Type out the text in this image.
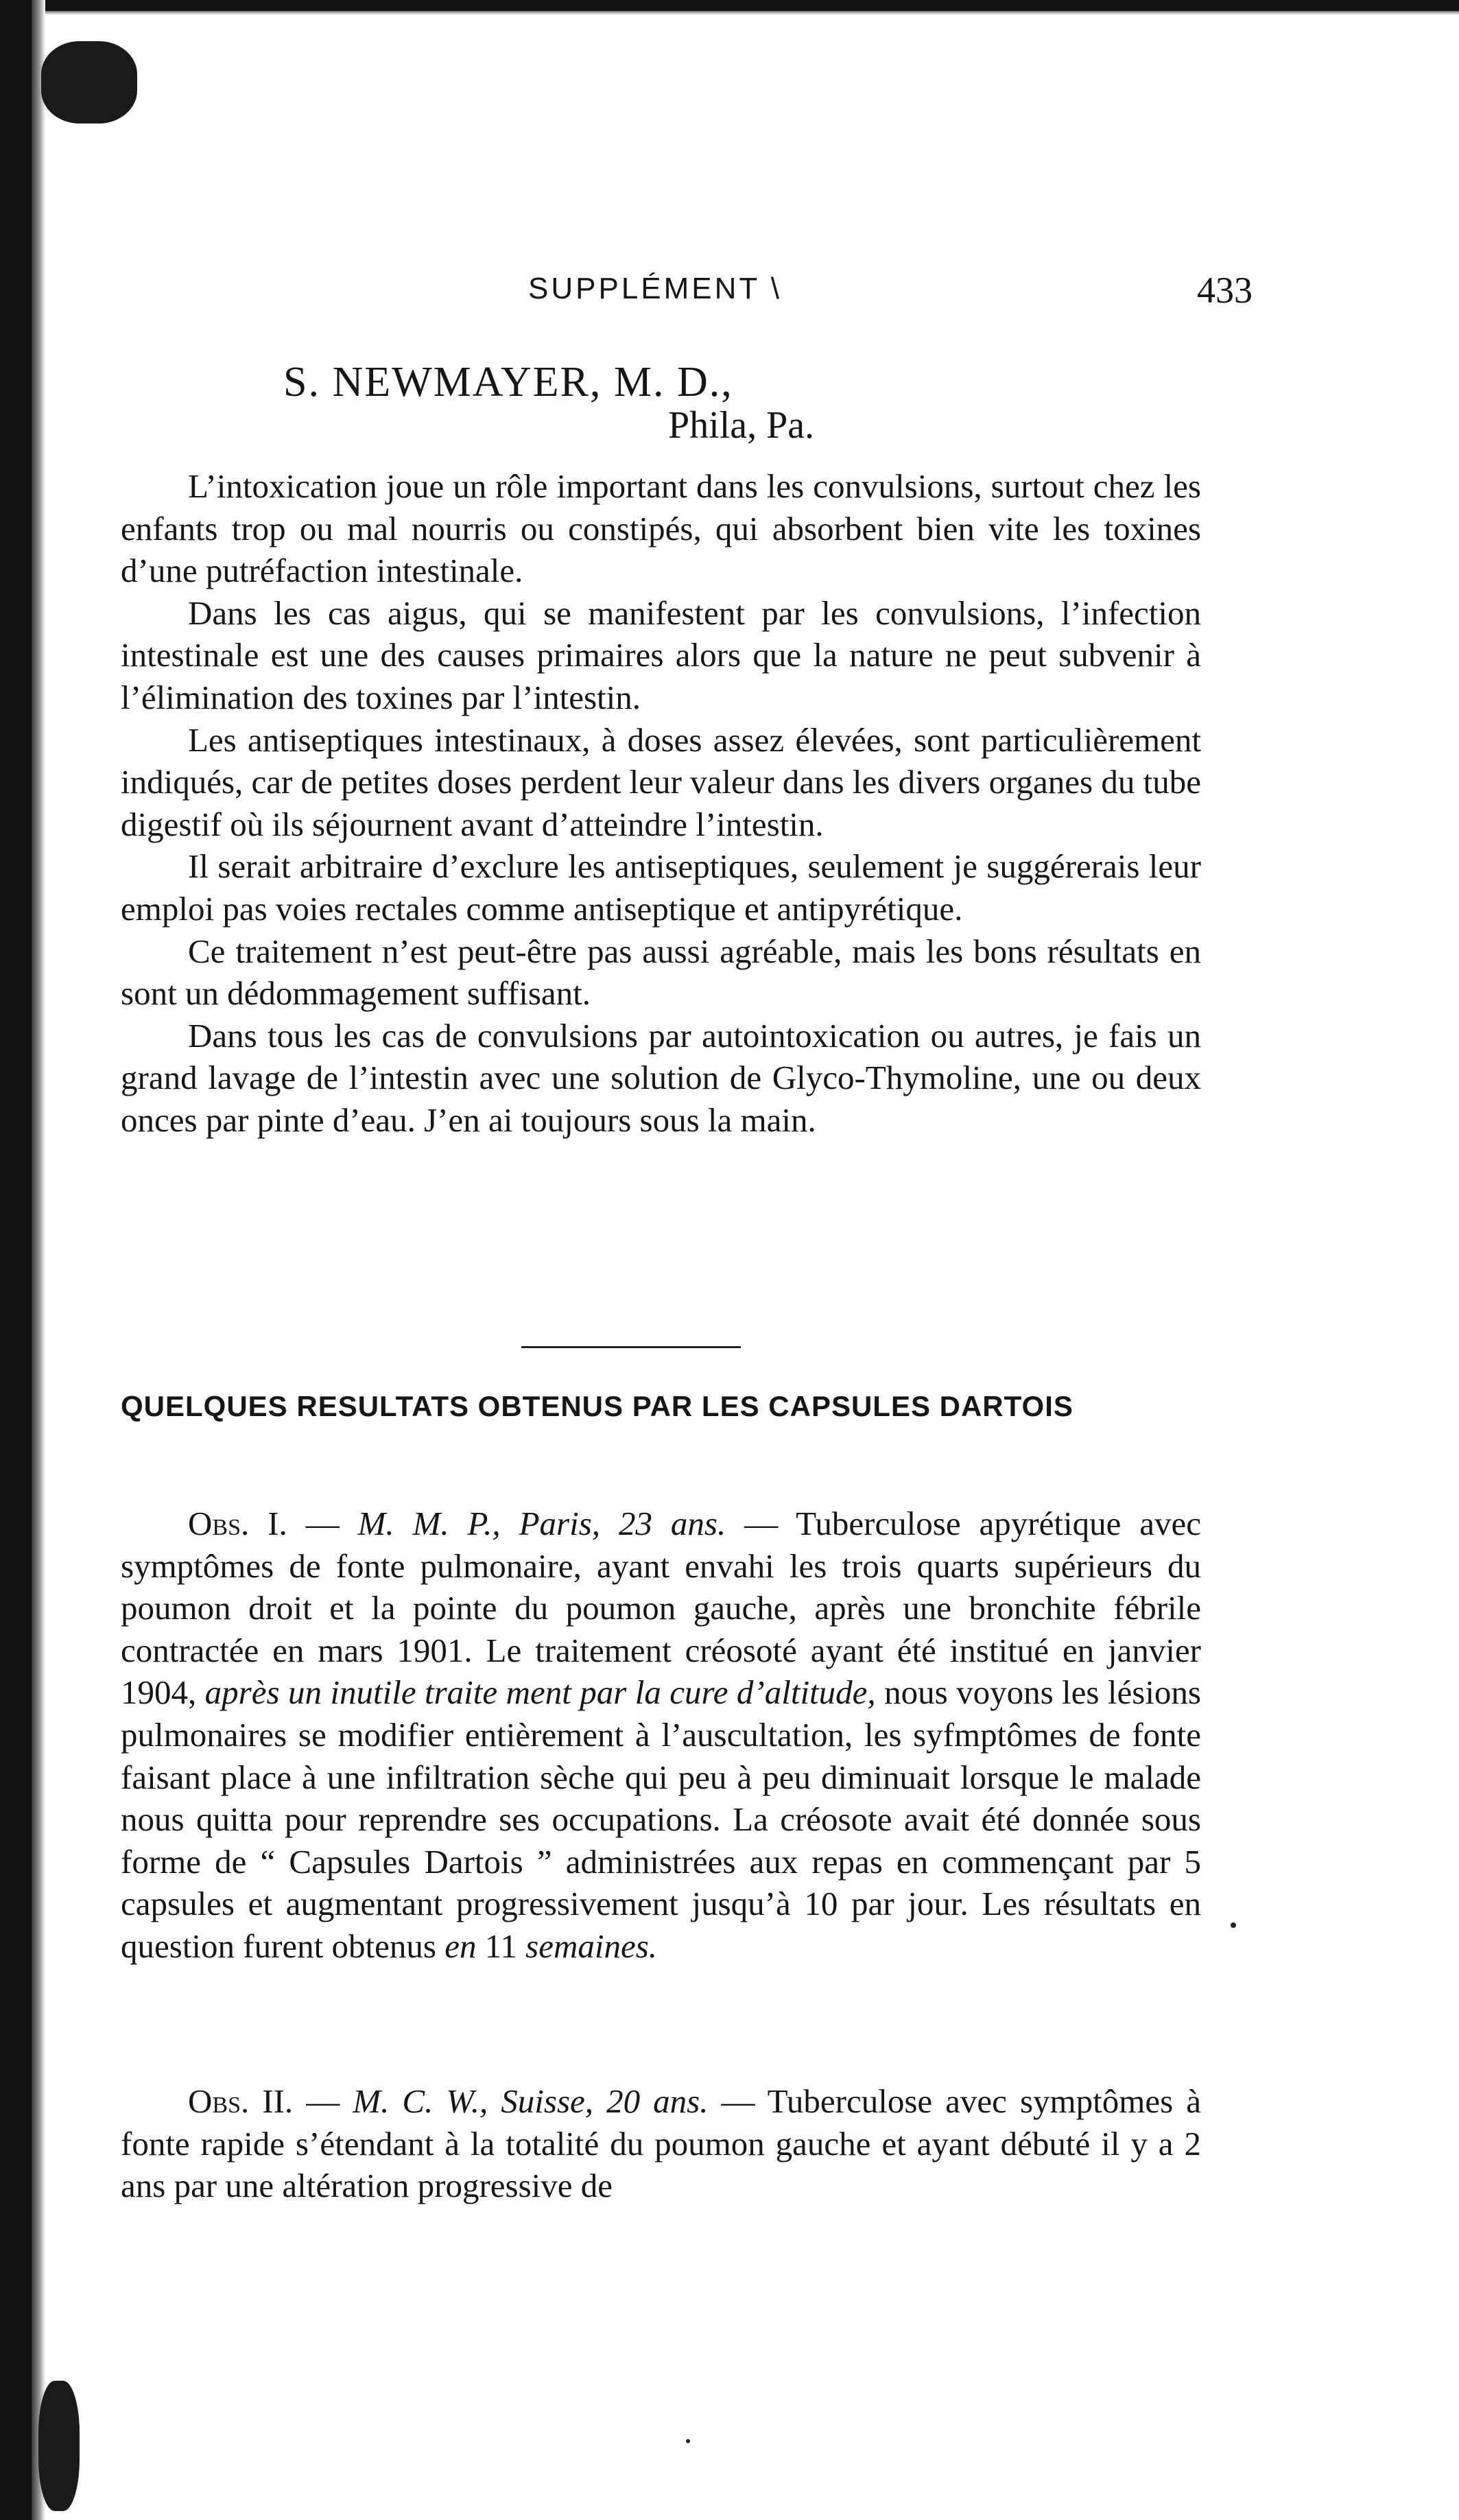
SUPPLÉMENT \	433
S. NEWMAYER, M. D.,
Phila, Pa.

L’intoxication joue un rôle important dans les convulsions, surtout chez les enfants trop ou mal nourris ou constipés, qui absorbent bien vite les toxines d’une putréfaction intestinale.

Dans les cas aigus, qui se manifestent par les convulsions, l’infection intestinale est une des causes primaires alors que la nature ne peut subvenir à l’élimination des toxines par l’intestin.

Les antiseptiques intestinaux, à doses assez élevées, sont particulièrement indiqués, car de petites doses perdent leur valeur dans les divers organes du tube digestif où ils séjournent avant d’atteindre l’intestin.

Il serait arbitraire d’exclure les antiseptiques, seulement je suggérerais leur emploi pas voies rectales comme antiseptique et antipyrétique.

Ce traitement n’est peut-être pas aussi agréable, mais les bons résultats en sont un dédommagement suffisant.

Dans tous les cas de convulsions par autointoxication ou autres, je fais un grand lavage de l’intestin avec une solution de Glyco-Thymoline, une ou deux onces par pinte d’eau. J’en ai toujours sous la main.

QUELQUES RESULTATS OBTENUS PAR LES CAPSULES DARTOIS

Obs. I. — M. M. P., Paris, 23 ans. — Tuberculose apyrétique avec symptômes de fonte pulmonaire, ayant envahi les trois quarts supérieurs du poumon droit et la pointe du poumon gauche, après une bronchite fébrile contractée en mars 1901. Le traitement créosoté ayant été institué en janvier 1904, après un inutile traite ment par la cure d’altitude, nous voyons les lésions pulmonaires se modifier entièrement à l’auscultation, les syfmptômes de fonte faisant place à une infiltration sèche qui peu à peu diminuait lorsque le malade nous quitta pour reprendre ses occupations. La créosote avait été donnée sous forme de “ Capsules Dartois ” administrées aux repas en commençant par 5 capsules et augmentant progressivement jusqu’à 10 par jour. Les résultats en question furent obtenus en 11 semaines.

Obs. II. — M. C. W., Suisse, 20 ans. — Tuberculose avec symptômes à fonte rapide s’étendant à la totalité du poumon gauche et ayant débuté il y a 2 ans par une altération progressive de
